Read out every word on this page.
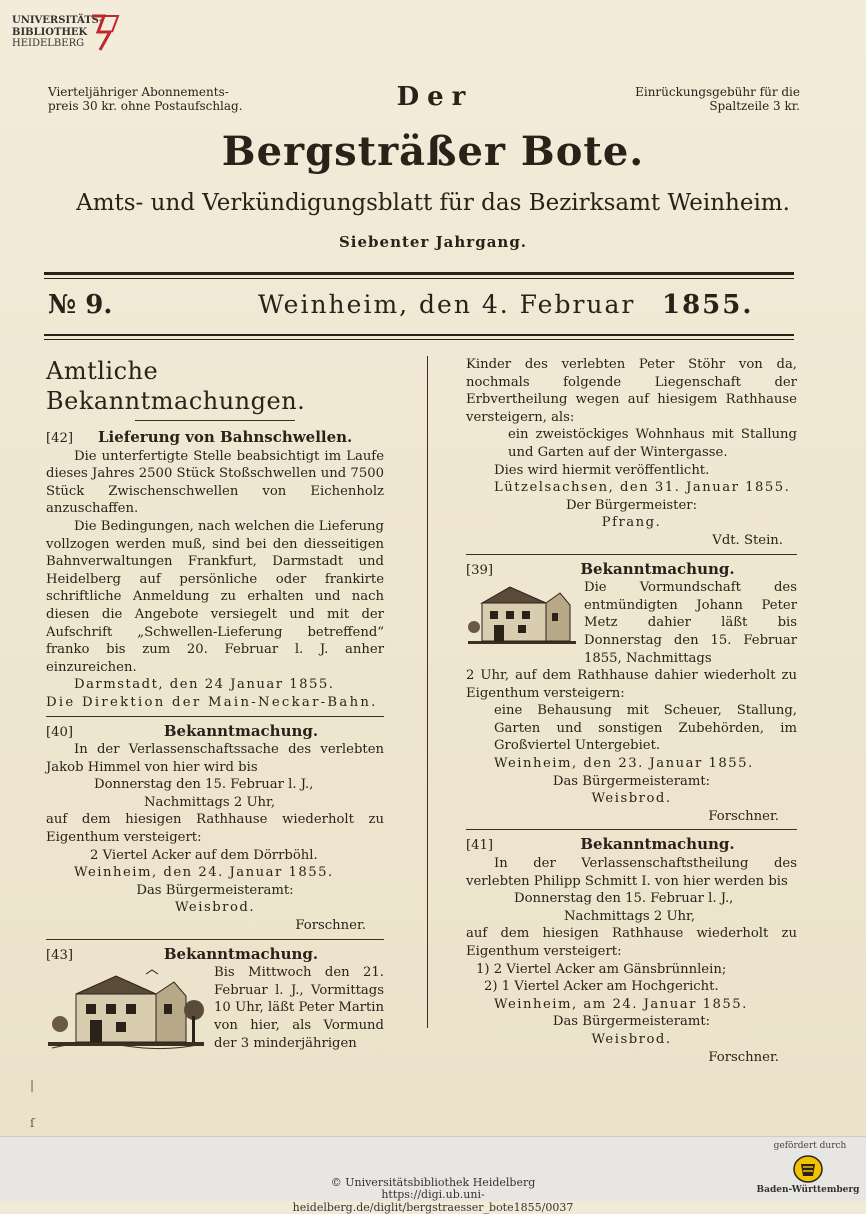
Vierteljähriger Abonnements-
preis 30 kr. ohne Postaufschlag.	Der	Einrückungsgebühr für die
Spaltzeile 3 kr.
Bergsträßer Bote.
Amts- und Verkündigungsblatt für das Bezirksamt Weinheim.
Siebenter Jahrgang.
№ 9.	Weinheim, den 4. Februar 1855.

Amtliche Bekanntmachungen.

[42]	Lieferung von Bahnschwellen.

Die unterfertigte Stelle beabsichtigt im Laufe dieses Jahres 2500 Stück Stoßschwellen und 7500 Stück Zwischenschwellen von Eichenholz anzuschaffen.

Die Bedingungen, nach welchen die Lieferung vollzogen werden muß, sind bei den diesseitigen Bahnverwaltungen Frankfurt, Darmstadt und Heidelberg auf persönliche oder frankirte schriftliche Anmeldung zu erhalten und nach diesen die Angebote versiegelt und mit der Aufschrift „Schwellen-Lieferung betreffend“ franko bis zum 20. Februar l. J. anher einzureichen.

Darmstadt, den 24 Januar 1855.

Die Direktion der Main-Neckar-Bahn.

[40]	Bekanntmachung.

In der Verlassenschaftssache des verlebten Jakob Himmel von hier wird bis

Donnerstag den 15. Februar l. J.,

Nachmittags 2 Uhr,

auf dem hiesigen Rathhause wiederholt zu Eigenthum versteigert:

2 Viertel Acker auf dem Dörrböhl.

Weinheim, den 24. Januar 1855.

Das Bürgermeisteramt:

Weisbrod.

Forschner.

[43]	Bekanntmachung.

Bis Mittwoch den 21. Februar l. J., Vormittags 10 Uhr, läßt Peter Martin von hier, als Vormund der 3 minderjährigen

Kinder des verlebten Peter Stöhr von da, nochmals folgende Liegenschaft der Erbvertheilung wegen auf hiesigem Rathhause versteigern, als:

ein zweistöckiges Wohnhaus mit Stallung und Garten auf der Wintergasse.

Dies wird hiermit veröffentlicht.

Lützelsachsen, den 31. Januar 1855.

Der Bürgermeister:

Pfrang.

Vdt. Stein.

[39]	Bekanntmachung.

Die Vormundschaft des entmündigten Johann Peter Metz dahier läßt bis Donnerstag den 15. Februar 1855, Nachmittags

2 Uhr, auf dem Rathhause dahier wiederholt zu Eigenthum versteigern:

eine Behausung mit Scheuer, Stallung, Garten und sonstigen Zubehörden, im Großviertel Untergebiet.

Weinheim, den 23. Januar 1855.

Das Bürgermeisteramt:

Weisbrod.

Forschner.

[41]	Bekanntmachung.

In der Verlassenschaftstheilung des verlebten Philipp Schmitt I. von hier werden bis

Donnerstag den 15. Februar l. J.,

Nachmittags 2 Uhr,

auf dem hiesigen Rathhause wiederholt zu Eigenthum versteigert:

1) 2 Viertel Acker am Gänsbrünnlein;

2) 1 Viertel Acker am Hochgericht.

Weinheim, am 24. Januar 1855.

Das Bürgermeisteramt:

Weisbrod.

Forschner.

|
ſ
UNIVERSITÄTS-
BIBLIOTHEK
HEIDELBERG
© Universitätsbibliothek Heidelberg
https://digi.ub.uni-heidelberg.de/diglit/bergstraesser_bote1855/0037
gefördert durch
Baden-Württemberg
